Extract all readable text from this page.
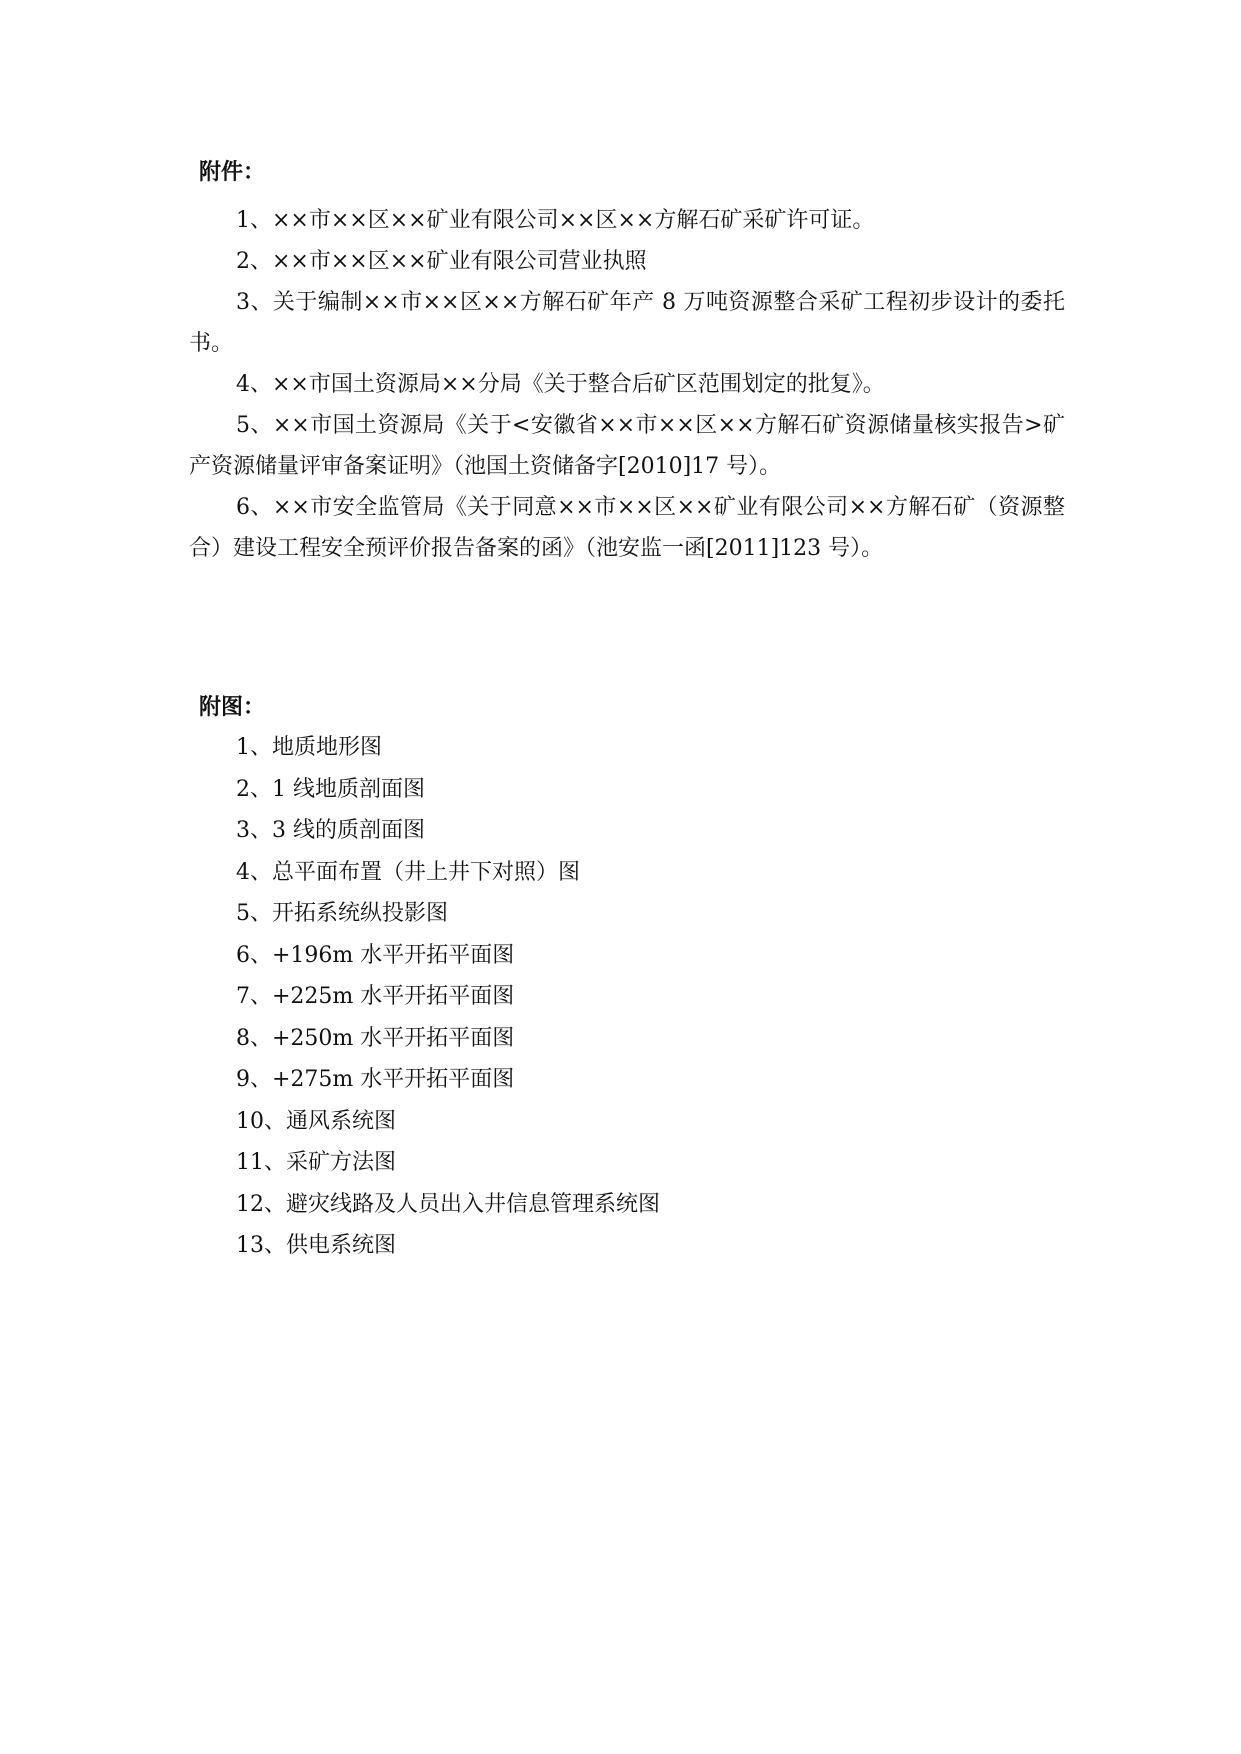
附件：

1、××市××区××矿业有限公司××区××方解石矿采矿许可证。
2、××市××区××矿业有限公司营业执照
3、关于编制××市××区××方解石矿年产 8 万吨资源整合采矿工程初步设计的委托书。
4、××市国土资源局××分局《关于整合后矿区范围划定的批复》。
5、××市国土资源局《关于<安徽省××市××区××方解石矿资源储量核实报告>矿产资源储量评审备案证明》（池国土资储备字[2010]17 号）。
6、××市安全监管局《关于同意××市××区××矿业有限公司××方解石矿（资源整合）建设工程安全预评价报告备案的函》（池安监一函[2011]123 号）。

附图：

1、地质地形图
2、1 线地质剖面图
3、3 线的质剖面图
4、总平面布置（井上井下对照）图
5、开拓系统纵投影图
6、+196m 水平开拓平面图
7、+225m 水平开拓平面图
8、+250m 水平开拓平面图
9、+275m 水平开拓平面图
10、通风系统图
11、采矿方法图
12、避灾线路及人员出入井信息管理系统图
13、供电系统图
